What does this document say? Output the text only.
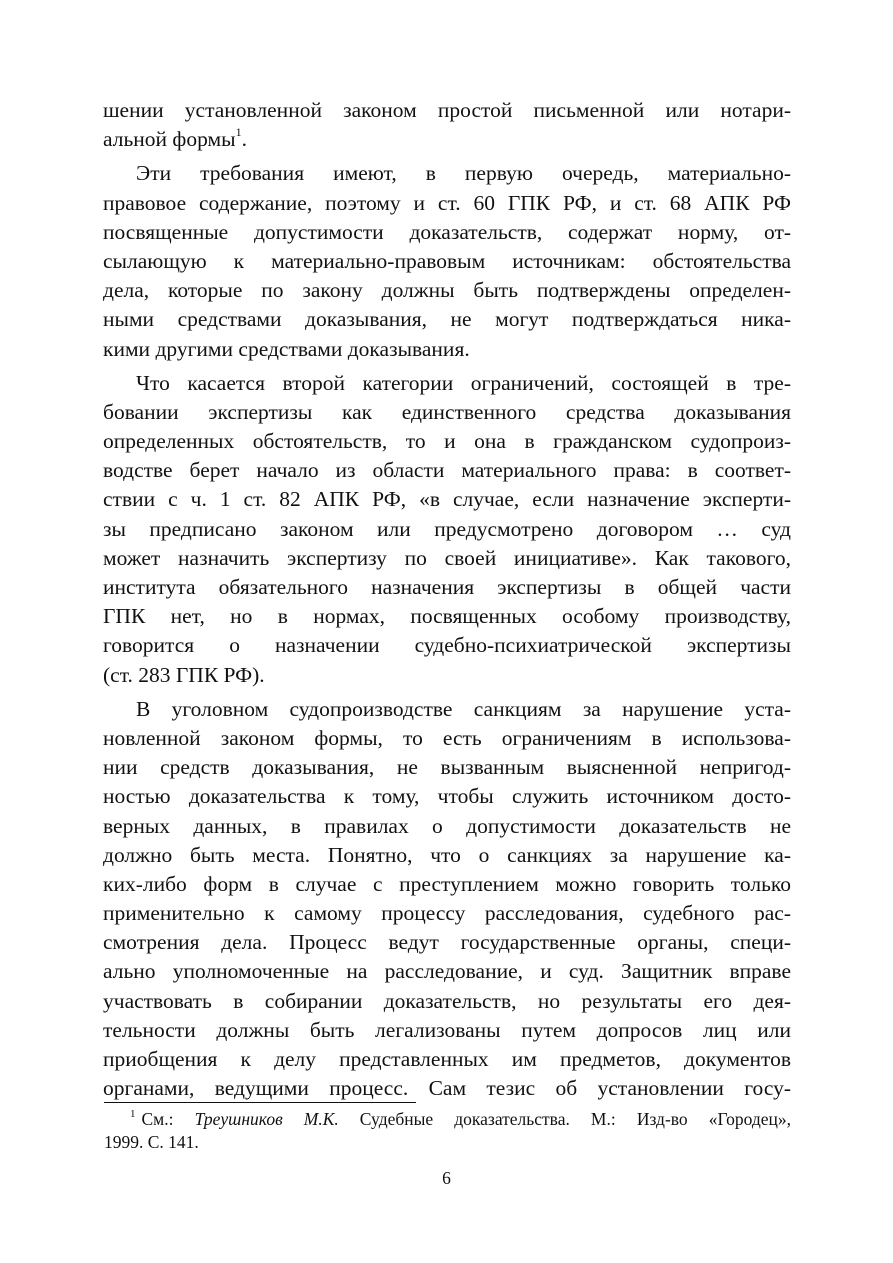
шении установленной законом простой письменной или нотари-
альной формы$^1$.
Эти требования имеют, в первую очередь, материально-
правовое содержание, поэтому и ст. 60 ГПК РФ, и ст. 68 АПК РФ
посвященные допустимости доказательств, содержат норму, от-
сылающую к материально-правовым источникам: обстоятельства
дела, которые по закону должны быть подтверждены определен-
ными средствами доказывания, не могут подтверждаться ника-
кими другими средствами доказывания.
Что касается второй категории ограничений, состоящей в тре-
бовании экспертизы как единственного средства доказывания
определенных обстоятельств, то и она в гражданском судопроиз-
водстве берет начало из области материального права: в соответ-
ствии с ч. 1 ст. 82 АПК РФ, «в случае, если назначение эксперти-
зы предписано законом или предусмотрено договором … суд
может назначить экспертизу по своей инициативе». Как такового,
института обязательного назначения экспертизы в общей части
ГПК нет, но в нормах, посвященных особому производству,
говорится о назначении судебно-психиатрической экспертизы
(ст. 283 ГПК РФ).
В уголовном судопроизводстве санкциям за нарушение уста-
новленной законом формы, то есть ограничениям в использова-
нии средств доказывания, не вызванным выясненной непригод-
ностью доказательства к тому, чтобы служить источником досто-
верных данных, в правилах о допустимости доказательств не
должно быть места. Понятно, что о санкциях за нарушение ка-
ких-либо форм в случае с преступлением можно говорить только
применительно к самому процессу расследования, судебного рас-
смотрения дела. Процесс ведут государственные органы, специ-
ально уполномоченные на расследование, и суд. Защитник вправе
участвовать в собирании доказательств, но результаты его дея-
тельности должны быть легализованы путем допросов лиц или
приобщения к делу представленных им предметов, документов
органами, ведущими процесс. Сам тезис об установлении госу-
$^1$ См.: Треушников М.К. Судебные доказательства. М.: Изд-во «Городец»,
1999. С. 141.
6
